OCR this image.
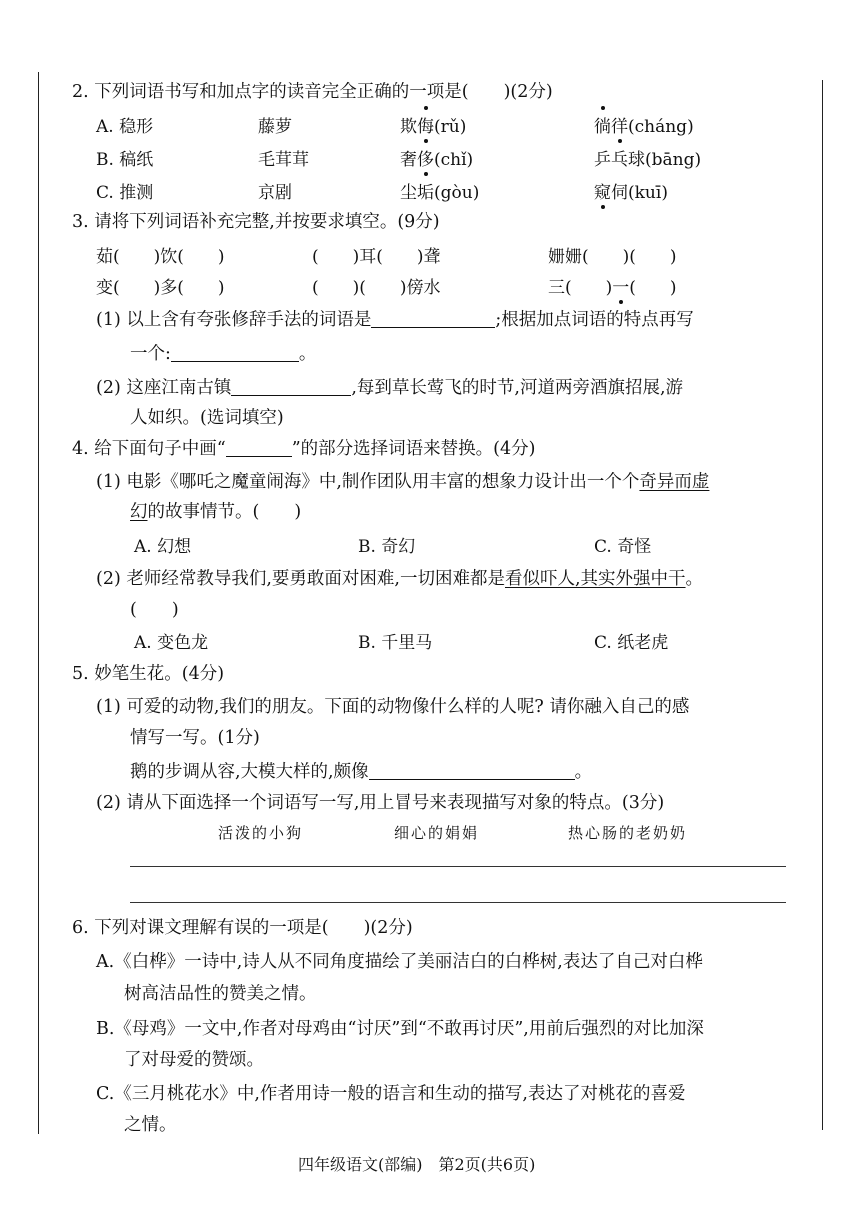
2. 下列词语书写和加点字的读音完全正确的一项是(　　)(2分)
A. 稳形	藤萝	欺侮(rǔ)	徜徉(cháng)
B. 稿纸	毛茸茸	奢侈(chǐ)	乒乓球(bāng)
C. 推测	京剧	尘垢(gòu)	窥伺(kuī)
3. 请将下列词语补充完整,并按要求填空。(9分)
茹(　　)饮(　　)	(　　)耳(　　)聋	姗姗(　　)(　　)
变(　　)多(　　)	(　　)(　　)傍水	三(　　)一(　　)
(1) 以上含有夸张修辞手法的词语是	;根据加点词语的特点再写
一个:	。
(2) 这座江南古镇	,每到草长莺飞的时节,河道两旁酒旗招展,游
人如织。(选词填空)
4. 给下面句子中画“	”的部分选择词语来替换。(4分)
(1) 电影《哪吒之魔童闹海》中,制作团队用丰富的想象力设计出一个个奇异而虚
幻的故事情节。(　　)
A. 幻想	B. 奇幻	C. 奇怪
(2) 老师经常教导我们,要勇敢面对困难,一切困难都是看似吓人,其实外强中干。
(　　)
A. 变色龙	B. 千里马	C. 纸老虎
5. 妙笔生花。(4分)
(1) 可爱的动物,我们的朋友。下面的动物像什么样的人呢? 请你融入自己的感
情写一写。(1分)
鹅的步调从容,大模大样的,颇像	。
(2) 请从下面选择一个词语写一写,用上冒号来表现描写对象的特点。(3分)
活泼的小狗	细心的娟娟	热心肠的老奶奶
6. 下列对课文理解有误的一项是(　　)(2分)
A.《白桦》一诗中,诗人从不同角度描绘了美丽洁白的白桦树,表达了自己对白桦
树高洁品性的赞美之情。
B.《母鸡》一文中,作者对母鸡由“讨厌”到“不敢再讨厌”,用前后强烈的对比加深
了对母爱的赞颂。
C.《三月桃花水》中,作者用诗一般的语言和生动的描写,表达了对桃花的喜爱
之情。
四年级语文(部编)　第2页(共6页)
